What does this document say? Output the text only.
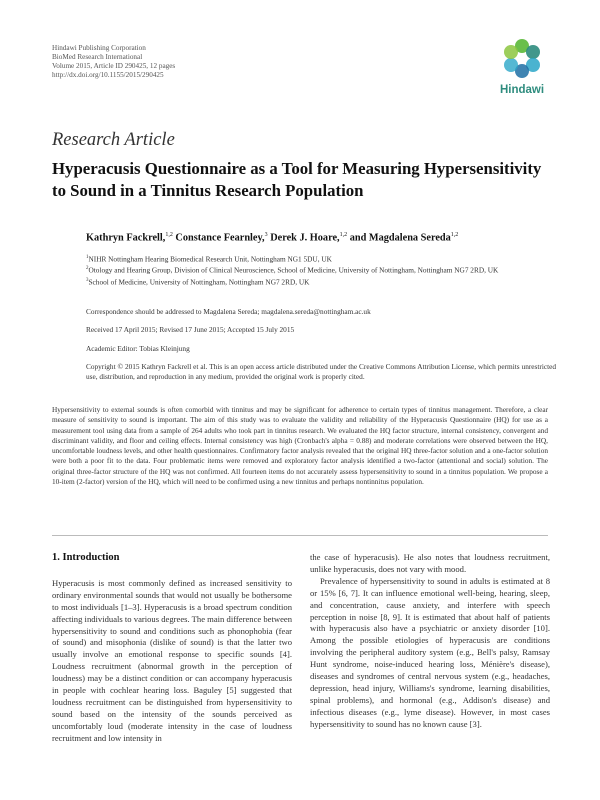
Hindawi Publishing Corporation
BioMed Research International
Volume 2015, Article ID 290425, 12 pages
http://dx.doi.org/10.1155/2015/290425
Hindawi
Research Article
Hyperacusis Questionnaire as a Tool for Measuring Hypersensitivity to Sound in a Tinnitus Research Population
Kathryn Fackrell,$^{1,2}$ Constance Fearnley,$^3$ Derek J. Hoare,$^{1,2}$ and Magdalena Sereda$^{1,2}$
$^1$NIHR Nottingham Hearing Biomedical Research Unit, Nottingham NG1 5DU, UK
$^2$Otology and Hearing Group, Division of Clinical Neuroscience, School of Medicine, University of Nottingham, Nottingham NG7 2RD, UK
$^3$School of Medicine, University of Nottingham, Nottingham NG7 2RD, UK
Correspondence should be addressed to Magdalena Sereda; magdalena.sereda@nottingham.ac.uk
Received 17 April 2015; Revised 17 June 2015; Accepted 15 July 2015
Academic Editor: Tobias Kleinjung
Copyright © 2015 Kathryn Fackrell et al. This is an open access article distributed under the Creative Commons Attribution License, which permits unrestricted use, distribution, and reproduction in any medium, provided the original work is properly cited.
Hypersensitivity to external sounds is often comorbid with tinnitus and may be significant for adherence to certain types of tinnitus management. Therefore, a clear measure of sensitivity to sound is important. The aim of this study was to evaluate the validity and reliability of the Hyperacusis Questionnaire (HQ) for use as a measurement tool using data from a sample of 264 adults who took part in tinnitus research. We evaluated the HQ factor structure, internal consistency, convergent and discriminant validity, and floor and ceiling effects. Internal consistency was high (Cronbach's alpha = 0.88) and moderate correlations were observed between the HQ, uncomfortable loudness levels, and other health questionnaires. Confirmatory factor analysis revealed that the original HQ three-factor solution and a one-factor solution were both a poor fit to the data. Four problematic items were removed and exploratory factor analysis identified a two-factor (attentional and social) solution. The original three-factor structure of the HQ was not confirmed. All fourteen items do not accurately assess hypersensitivity to sound in a tinnitus population. We propose a 10-item (2-factor) version of the HQ, which will need to be confirmed using a new tinnitus and perhaps nontinnitus population.
1. Introduction

Hyperacusis is most commonly defined as increased sensitivity to ordinary environmental sounds that would not usually be bothersome to most individuals [1–3]. Hyperacusis is a broad spectrum condition affecting individuals to various degrees. The main difference between hypersensitivity to sound and conditions such as phonophobia (fear of sound) and misophonia (dislike of sound) is that the latter two usually involve an emotional response to specific sounds [4]. Loudness recruitment (abnormal growth in the perception of loudness) may be a distinct condition or can accompany hyperacusis in people with cochlear hearing loss. Baguley [5] suggested that loudness recruitment can be distinguished from hypersensitivity to sound based on the intensity of the sounds perceived as uncomfortably loud (moderate intensity in the case of loudness recruitment and low intensity in

the case of hyperacusis). He also notes that loudness recruitment, unlike hyperacusis, does not vary with mood.

Prevalence of hypersensitivity to sound in adults is estimated at 8 or 15% [6, 7]. It can influence emotional well-being, hearing, sleep, and concentration, cause anxiety, and interfere with speech perception in noise [8, 9]. It is estimated that about half of patients with hyperacusis also have a psychiatric or anxiety disorder [10]. Among the possible etiologies of hyperacusis are conditions involving the peripheral auditory system (e.g., Bell's palsy, Ramsay Hunt syndrome, noise-induced hearing loss, Ménière's disease), diseases and syndromes of central nervous system (e.g., headaches, depression, head injury, Williams's syndrome, learning disabilities, spinal problems), and hormonal (e.g., Addison's disease) and infectious diseases (e.g., lyme disease). However, in most cases hypersensitivity to sound has no known cause [3].
